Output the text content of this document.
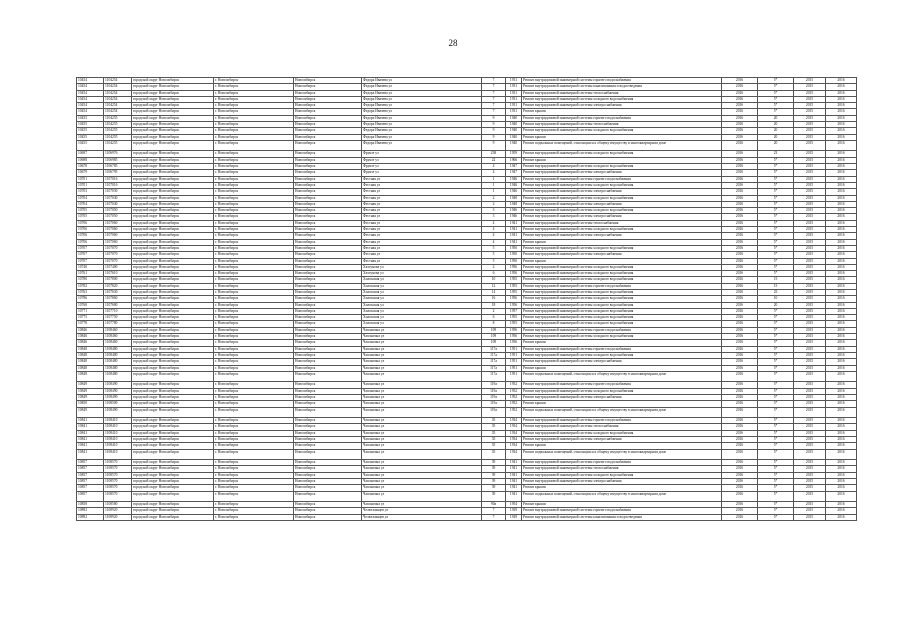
28
10454	1104254	городской округ Новосибирск	г. Новосибирск	Новосибирск	Федора Ивачева ул	7	1931	Ремонт внутридомовой инженерной системы горячего водоснабжения	2016	5*	2015	2016
10454	1104254	городской округ Новосибирск	г. Новосибирск	Новосибирск	Федора Ивачева ул	7	1931	Ремонт внутридомовой инженерной системы канализования и водоотведения	2016	5*	2015	2016
10454	1104254	городской округ Новосибирск	г. Новосибирск	Новосибирск	Федора Ивачева ул	7	1931	Ремонт внутридомовой инженерной системы теплоснабжения	2016	5*	2015	2016
10454	1104254	городской округ Новосибирск	г. Новосибирск	Новосибирск	Федора Ивачева ул	7	1931	Ремонт внутридомовой инженерной системы холодного водоснабжения	2016	5*	2015	2016
10454	1104254	городской округ Новосибирск	г. Новосибирск	Новосибирск	Федора Ивачева ул	7	1931	Ремонт внутридомовой инженерной системы электроснабжения	2016	5*	2015	2016
10454	1104254	городской округ Новосибирск	г. Новосибирск	Новосибирск	Федора Ивачева ул	7	1931	Ремонт крыши	2016	5*	2015	2016
10455	1104255	городской округ Новосибирск	г. Новосибирск	Новосибирск	Федора Ивачева ул	9	1940	Ремонт внутридомовой инженерной системы горячего водоснабжения	2016	20	2015	2016
10455	1104255	городской округ Новосибирск	г. Новосибирск	Новосибирск	Федора Ивачева ул	9	1940	Ремонт внутридомовой инженерной системы теплоснабжения	2016	20	2015	2016
10455	1104255	городской округ Новосибирск	г. Новосибирск	Новосибирск	Федора Ивачева ул	9	1940	Ремонт внутридомовой инженерной системы холодного водоснабжения	2016	20	2015	2016
10455	1104255	городской округ Новосибирск	г. Новосибирск	Новосибирск	Федора Ивачева ул	9	1940	Ремонт крыши	2016	20	2015	2016
10455	1104255	городской округ Новосибирск	г. Новосибирск	Новосибирск	Федора Ивачева ул	9	1940	Ремонт подвальных помещений, относящихся к общему имуществу в многоквартирном доме	2016	20	2015	2016
10697	1106976	городской округ Новосибирск	г. Новосибирск	Новосибирск	Фрунзе ул	238	1959	Ремонт внутридомовой инженерной системы холодного водоснабжения	2016	23	2015	2016
10698	1106985	городской округ Новосибирск	г. Новосибирск	Новосибирск	Фрунзе ул	22	1966	Ремонт крыши	2016	5*	2015	2016
10678	1106785	городской округ Новосибирск	г. Новосибирск	Новосибирск	Фрунзе ул	4	1947	Ремонт внутридомовой инженерной системы холодного водоснабжения	2016	5*	2015	2016
10679	1106795	городской округ Новосибирск	г. Новосибирск	Новосибирск	Фрунзе ул	4	1947	Ремонт внутридомовой инженерной системы электроснабжения	2016	5*	2015	2016
10701	1107016	городской округ Новосибирск	г. Новосибирск	Новосибирск	Фестная ул	1	1946	Ремонт внутридомовой инженерной системы горячего водоснабжения	2016	5*	2015	2016
10701	1107016	городской округ Новосибирск	г. Новосибирск	Новосибирск	Фестная ул	1	1946	Ремонт внутридомовой инженерной системы холодного водоснабжения	2016	5*	2015	2016
10703	1107030	городской округ Новосибирск	г. Новосибирск	Новосибирск	Фестная ул	1	1946	Ремонт внутридомовой инженерной системы электроснабжения	2016	5*	2015	2016
10704	1107040	городской округ Новосибирск	г. Новосибирск	Новосибирск	Фестная ул	2	1948	Ремонт внутридомовой инженерной системы холодного водоснабжения	2016	5*	2015	2016
10704	1107040	городской округ Новосибирск	г. Новосибирск	Новосибирск	Фестная ул	2	1948	Ремонт внутридомовой инженерной системы электроснабжения	2016	5*	2015	2016
10705	1107050	городской округ Новосибирск	г. Новосибирск	Новосибирск	Фестная ул	3	1946	Ремонт внутридомовой инженерной системы холодного водоснабжения	2016	5*	2015	2016
10705	1107050	городской округ Новосибирск	г. Новосибирск	Новосибирск	Фестная ул	3	1946	Ремонт внутридомовой инженерной системы электроснабжения	2016	5*	2015	2016
10706	1107060	городской округ Новосибирск	г. Новосибирск	Новосибирск	Фестная ул	4	1941	Ремонт внутридомовой инженерной системы теплоснабжения	2016	5*	2015	2016
10706	1107060	городской округ Новосибирск	г. Новосибирск	Новосибирск	Фестная ул	4	1941	Ремонт внутридомовой инженерной системы холодного водоснабжения	2016	5*	2015	2016
10706	1107060	городской округ Новосибирск	г. Новосибирск	Новосибирск	Фестная ул	4	1941	Ремонт внутридомовой инженерной системы электроснабжения	2016	5*	2015	2016
10706	1107060	городской округ Новосибирск	г. Новосибирск	Новосибирск	Фестная ул	4	1941	Ремонт крыши	2016	5*	2015	2016
10707	1107070	городской округ Новосибирск	г. Новосибирск	Новосибирск	Фестная ул	5	1950	Ремонт внутридомовой инженерной системы холодного водоснабжения	2016	5*	2015	2016
10707	1107070	городской округ Новосибирск	г. Новосибирск	Новосибирск	Фестная ул	5	1950	Ремонт внутридомовой инженерной системы электроснабжения	2016	5*	2015	2016
10707	1107070	городской округ Новосибирск	г. Новосибирск	Новосибирск	Фестная ул	5	1950	Ремонт крыши	2016	5*	2015	2016
10740	1107400	городской округ Новосибирск	г. Новосибирск	Новосибирск	Хахтунова ул	2	1956	Ремонт внутридомовой инженерной системы холодного водоснабжения	2016	5*	2015	2016
10761	1107610	городской округ Новосибирск	г. Новосибирск	Новосибирск	Хахтунова ул	6	1956	Ремонт внутридомовой инженерной системы холодного водоснабжения	2016	5*	2015	2016
10780	1107800	городской округ Новосибирск	г. Новосибирск	Новосибирск	Хилокская ул	10	1955	Ремонт внутридомовой инженерной системы холодного водоснабжения	2016	15	2015	2016
10782	1107820	городской округ Новосибирск	г. Новосибирск	Новосибирск	Хилокская ул	12	1955	Ремонт внутридомовой инженерной системы горячего водоснабжения	2016	15	2015	2016
10763	1107630	городской округ Новосибирск	г. Новосибирск	Новосибирск	Хилокская ул	14	1955	Ремонт внутридомовой инженерной системы холодного водоснабжения	2016	25	2015	2016
10786	1107860	городской округ Новосибирск	г. Новосибирск	Новосибирск	Хилокская ул	16	1956	Ремонт внутридомовой инженерной системы холодного водоснабжения	2016	10	2015	2016
10768	1107680	городской округ Новосибирск	г. Новосибирск	Новосибирск	Хилокская ул	18	1956	Ремонт внутридомовой инженерной системы холодного водоснабжения	2016	20	2015	2016
10771	1107710	городской округ Новосибирск	г. Новосибирск	Новосибирск	Хилокская ул	2	1957	Ремонт внутридомовой инженерной системы холодного водоснабжения	2016	5*	2015	2016
10775	1107750	городской округ Новосибирск	г. Новосибирск	Новосибирск	Хилокская ул	6	1955	Ремонт внутридомовой инженерной системы холодного водоснабжения	2016	5*	2015	2016
10778	1107780	городской округ Новосибирск	г. Новосибирск	Новосибирск	Хилокская ул	8	1955	Ремонт внутридомовой инженерной системы холодного водоснабжения	2016	5*	2015	2016
10846	1108460	городской округ Новосибирск	г. Новосибирск	Новосибирск	Чаплыгина ул	109	1956	Ремонт внутридомовой инженерной системы горячего водоснабжения	2016	5*	2015	2016
10846	1108460	городской округ Новосибирск	г. Новосибирск	Новосибирск	Чаплыгина ул	109	1956	Ремонт внутридомовой инженерной системы холодного водоснабжения	2016	5*	2015	2016
10846	1108460	городской округ Новосибирск	г. Новосибирск	Новосибирск	Чаплыгина ул	109	1956	Ремонт крыши	2016	5*	2015	2016
10848	1108480	городской округ Новосибирск	г. Новосибирск	Новосибирск	Чаплыгина ул	117а	1951	Ремонт внутридомовой инженерной системы горячего водоснабжения	2016	5*	2015	2016
10848	1108480	городской округ Новосибирск	г. Новосибирск	Новосибирск	Чаплыгина ул	117а	1951	Ремонт внутридомовой инженерной системы холодного водоснабжения	2016	5*	2015	2016
10848	1108480	городской округ Новосибирск	г. Новосибирск	Новосибирск	Чаплыгина ул	117а	1951	Ремонт внутридомовой инженерной системы электроснабжения	2016	5*	2015	2016
10848	1108480	городской округ Новосибирск	г. Новосибирск	Новосибирск	Чаплыгина ул	117а	1951	Ремонт крыши	2016	5*	2015	2016
10848	1108480	городской округ Новосибирск	г. Новосибирск	Новосибирск	Чаплыгина ул	117а	1951	Ремонт подвальных помещений, относящихся к общему имуществу в многоквартирном доме	2016	5*	2015	2016
10849	1108490	городской округ Новосибирск	г. Новосибирск	Новосибирск	Чаплыгина ул	119а	1952	Ремонт внутридомовой инженерной системы горячего водоснабжения	2016	5*	2015	2016
10849	1108490	городской округ Новосибирск	г. Новосибирск	Новосибирск	Чаплыгина ул	119а	1952	Ремонт внутридомовой инженерной системы холодного водоснабжения	2016	5*	2015	2016
10849	1108490	городской округ Новосибирск	г. Новосибирск	Новосибирск	Чаплыгина ул	119а	1952	Ремонт внутридомовой инженерной системы электроснабжения	2016	5*	2015	2016
10850	1108500	городской округ Новосибирск	г. Новосибирск	Новосибирск	Чаплыгина ул	119а	1952	Ремонт крыши	2016	5*	2015	2016
10849	1108490	городской округ Новосибирск	г. Новосибирск	Новосибирск	Чаплыгина ул	119а	1952	Ремонт подвальных помещений, относящихся к общему имуществу в многоквартирном доме	2016	5*	2015	2016
10841	1108410	городской округ Новосибирск	г. Новосибирск	Новосибирск	Чаплыгина ул	35	1934	Ремонт внутридомовой инженерной системы горячего водоснабжения	2016	5*	2015	2016
10841	1108410	городской округ Новосибирск	г. Новосибирск	Новосибирск	Чаплыгина ул	35	1934	Ремонт внутридомовой инженерной системы теплоснабжения	2016	5*	2015	2016
10841	1108410	городской округ Новосибирск	г. Новосибирск	Новосибирск	Чаплыгина ул	35	1934	Ремонт внутридомовой инженерной системы холодного водоснабжения	2016	5*	2015	2016
10841	1108410	городской округ Новосибирск	г. Новосибирск	Новосибирск	Чаплыгина ул	35	1934	Ремонт внутридомовой инженерной системы электроснабжения	2016	5*	2015	2016
10841	1108410	городской округ Новосибирск	г. Новосибирск	Новосибирск	Чаплыгина ул	35	1934	Ремонт крыши	2016	5*	2015	2016
10841	1108410	городской округ Новосибирск	г. Новосибирск	Новосибирск	Чаплыгина ул	35	1934	Ремонт подвальных помещений, относящихся к общему имуществу в многоквартирном доме	2016	5*	2015	2016
10857	1108570	городской округ Новосибирск	г. Новосибирск	Новосибирск	Чаплыгина ул	39	1941	Ремонт внутридомовой инженерной системы горячего водоснабжения	2016	5*	2015	2016
10857	1108570	городской округ Новосибирск	г. Новосибирск	Новосибирск	Чаплыгина ул	39	1941	Ремонт внутридомовой инженерной системы теплоснабжения	2016	5*	2015	2016
10857	1108570	городской округ Новосибирск	г. Новосибирск	Новосибирск	Чаплыгина ул	39	1941	Ремонт внутридомовой инженерной системы холодного водоснабжения	2016	5*	2015	2016
10857	1108570	городской округ Новосибирск	г. Новосибирск	Новосибирск	Чаплыгина ул	39	1941	Ремонт внутридомовой инженерной системы электроснабжения	2016	5*	2015	2016
10857	1108570	городской округ Новосибирск	г. Новосибирск	Новосибирск	Чаплыгина ул	39	1941	Ремонт крыши	2016	5*	2015	2016
10857	1108570	городской округ Новосибирск	г. Новосибирск	Новосибирск	Чаплыгина ул	39	1941	Ремонт подвальных помещений, относящихся к общему имуществу в многоквартирном доме	2016	5*	2015	2016
10858	1108580	городской округ Новосибирск	г. Новосибирск	Новосибирск	Чаплыгина ул	90а	1954	Ремонт крыши	2016	5*	2015	2016
10892	1108920	городской округ Новосибирск	г. Новосибирск	Новосибирск	Челюскинцев ул	7	1929	Ремонт внутридомовой инженерной системы горячего водоснабжения	2016	5*	2015	2016
10892	1108920	городской округ Новосибирск	г. Новосибирск	Новосибирск	Челюскинцев ул	7	1929	Ремонт внутридомовой инженерной системы канализования и водоотведения	2016	5*	2015	2016
